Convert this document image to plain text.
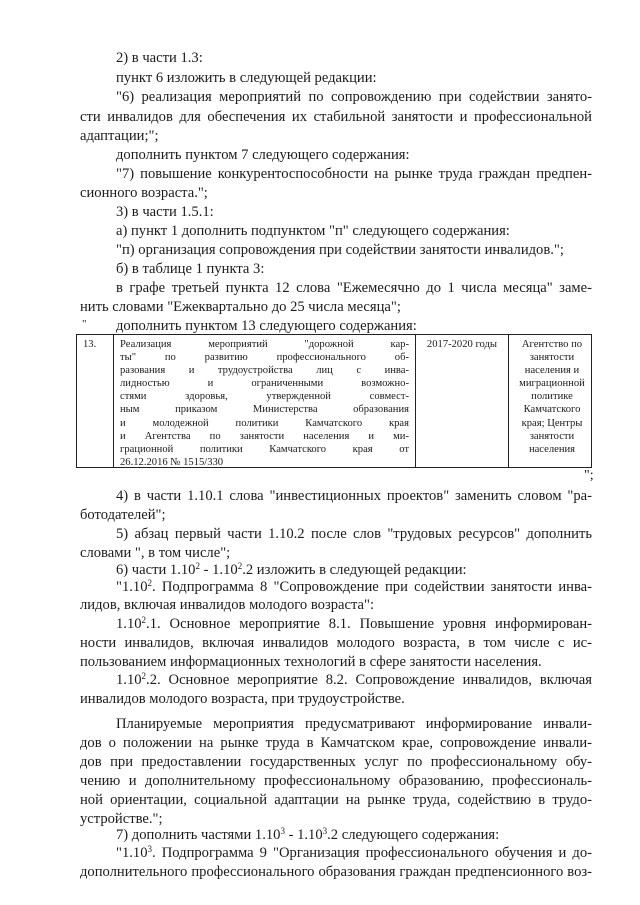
2) в части 1.3:
пункт 6 изложить в следующей редакции:
"6) реализация мероприятий по сопровождению при содействии занято-
сти инвалидов для обеспечения их стабильной занятости и профессиональной
адаптации;";
дополнить пунктом 7 следующего содержания:
"7) повышение конкурентоспособности на рынке труда граждан предпен-
сионного возраста.";
3) в части 1.5.1:
а) пункт 1 дополнить подпунктом "п" следующего содержания:
"п) организация сопровождения при содействии занятости инвалидов.";
б) в таблице 1 пункта 3:
в графе третьей пункта 12 слова "Ежемесячно до 1 числа месяца" заме-
нить словами "Ежеквартально до 25 числа месяца";
дополнить пунктом 13 следующего содержания:
"
13.	Реализация мероприятий "дорожной кар-
ты" по развитию профессионального об-
разования и трудоустройства лиц с инва-
лидностью и ограниченными возможно-
стями здоровья, утвержденной совмест-
ным приказом Министерства образования
и молодежной политики Камчатского края
и Агентства по занятости населения и ми-
грационной политики Камчатского края от
26.12.2016 № 1515/330
2017-2020 годы	Агентство по занятости населения и миграционной политике Камчатского края; Центры занятости населения
";
4) в части 1.10.1 слова "инвестиционных проектов" заменить словом "ра-
ботодателей";
5) абзац первый части 1.10.2 после слов "трудовых ресурсов" дополнить
словами ", в том числе";
6) части 1.10$^2$ - 1.10$^2$.2 изложить в следующей редакции:
"1.10$^2$. Подпрограмма 8 "Сопровождение при содействии занятости инва-
лидов, включая инвалидов молодого возраста":
1.10$^2$.1. Основное мероприятие 8.1. Повышение уровня информирован-
ности инвалидов, включая инвалидов молодого возраста, в том числе с ис-
пользованием информационных технологий в сфере занятости населения.
1.10$^2$.2. Основное мероприятие 8.2. Сопровождение инвалидов, включая
инвалидов молодого возраста, при трудоустройстве.
Планируемые мероприятия предусматривают информирование инвали-
дов о положении на рынке труда в Камчатском крае, сопровождение инвали-
дов при предоставлении государственных услуг по профессиональному обу-
чению и дополнительному профессиональному образованию, профессиональ-
ной ориентации, социальной адаптации на рынке труда, содействию в трудо-
устройстве.";
7) дополнить частями 1.10$^3$ - 1.10$^3$.2 следующего содержания:
"1.10$^3$. Подпрограмма 9 "Организация профессионального обучения и до-
дополнительного профессионального образования граждан предпенсионного воз-
